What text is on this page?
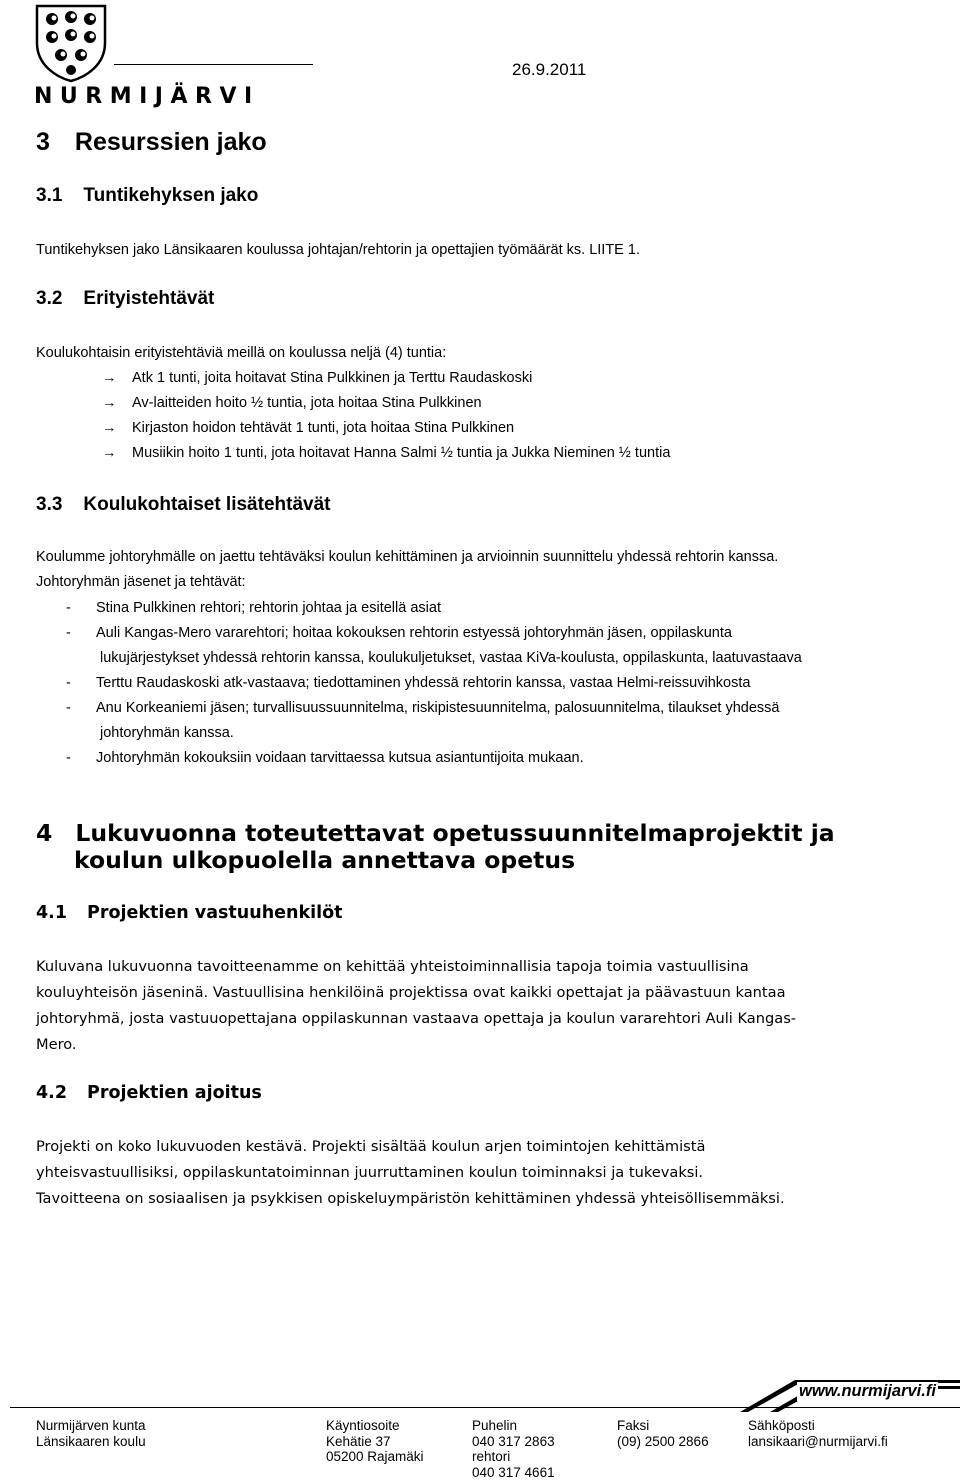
NURMIJÄRVI
26.9.2011
3 Resurssien jako
3.1 Tuntikehyksen jako
Tuntikehyksen jako Länsikaaren koulussa johtajan/rehtorin ja opettajien työmäärät ks. LIITE 1.
3.2 Erityistehtävät
Koulukohtaisin erityistehtäviä meillä on koulussa neljä (4) tuntia:
→ Atk 1 tunti, joita hoitavat Stina Pulkkinen ja Terttu Raudaskoski
→ Av-laitteiden hoito ½ tuntia, jota hoitaa Stina Pulkkinen
→ Kirjaston hoidon tehtävät 1 tunti, jota hoitaa Stina Pulkkinen
→ Musiikin hoito 1 tunti, jota hoitavat Hanna Salmi ½ tuntia ja Jukka Nieminen ½ tuntia
3.3 Koulukohtaiset lisätehtävät
Koulumme johtoryhmälle on jaettu tehtäväksi koulun kehittäminen ja arvioinnin suunnittelu yhdessä rehtorin kanssa.
Johtoryhmän jäsenet ja tehtävät:
- Stina Pulkkinen rehtori; rehtorin johtaa ja esitellä asiat
- Auli Kangas-Mero vararehtori; hoitaa kokouksen rehtorin estyessä johtoryhmän jäsen, oppilaskunta
lukujärjestykset yhdessä rehtorin kanssa, koulukuljetukset, vastaa KiVa-koulusta, oppilaskunta, laatuvastaava
- Terttu Raudaskoski atk-vastaava; tiedottaminen yhdessä rehtorin kanssa, vastaa Helmi-reissuvihkosta
- Anu Korkeaniemi jäsen; turvallisuussuunnitelma, riskipistesuunnitelma, palosuunnitelma, tilaukset yhdessä
johtoryhmän kanssa.
- Johtoryhmän kokouksiin voidaan tarvittaessa kutsua asiantuntijoita mukaan.
4 Lukuvuonna toteutettavat opetussuunnitelmaprojektit ja
koulun ulkopuolella annettava opetus
4.1 Projektien vastuuhenkilöt
Kuluvana lukuvuonna tavoitteenamme on kehittää yhteistoiminnallisia tapoja toimia vastuullisina
kouluyhteisön jäseninä. Vastuullisina henkilöinä projektissa ovat kaikki opettajat ja päävastuun kantaa
johtoryhmä, josta vastuuopettajana oppilaskunnan vastaava opettaja ja koulun vararehtori Auli Kangas-
Mero.
4.2 Projektien ajoitus
Projekti on koko lukuvuoden kestävä. Projekti sisältää koulun arjen toimintojen kehittämistä
yhteisvastuullisiksi, oppilaskuntatoiminnan juurruttaminen koulun toiminnaksi ja tukevaksi.
Tavoitteena on sosiaalisen ja psykkisen opiskeluympäristön kehittäminen yhdessä yhteisöllisemmäksi.
www.nurmijarvi.fi
Nurmijärven kunta
Länsikaaren koulu
Käyntiosoite
Kehätie 37
05200 Rajamäki
Puhelin
040 317 2863
rehtori
040 317 4661
Faksi
(09) 2500 2866
Sähköposti
lansikaari@nurmijarvi.fi
